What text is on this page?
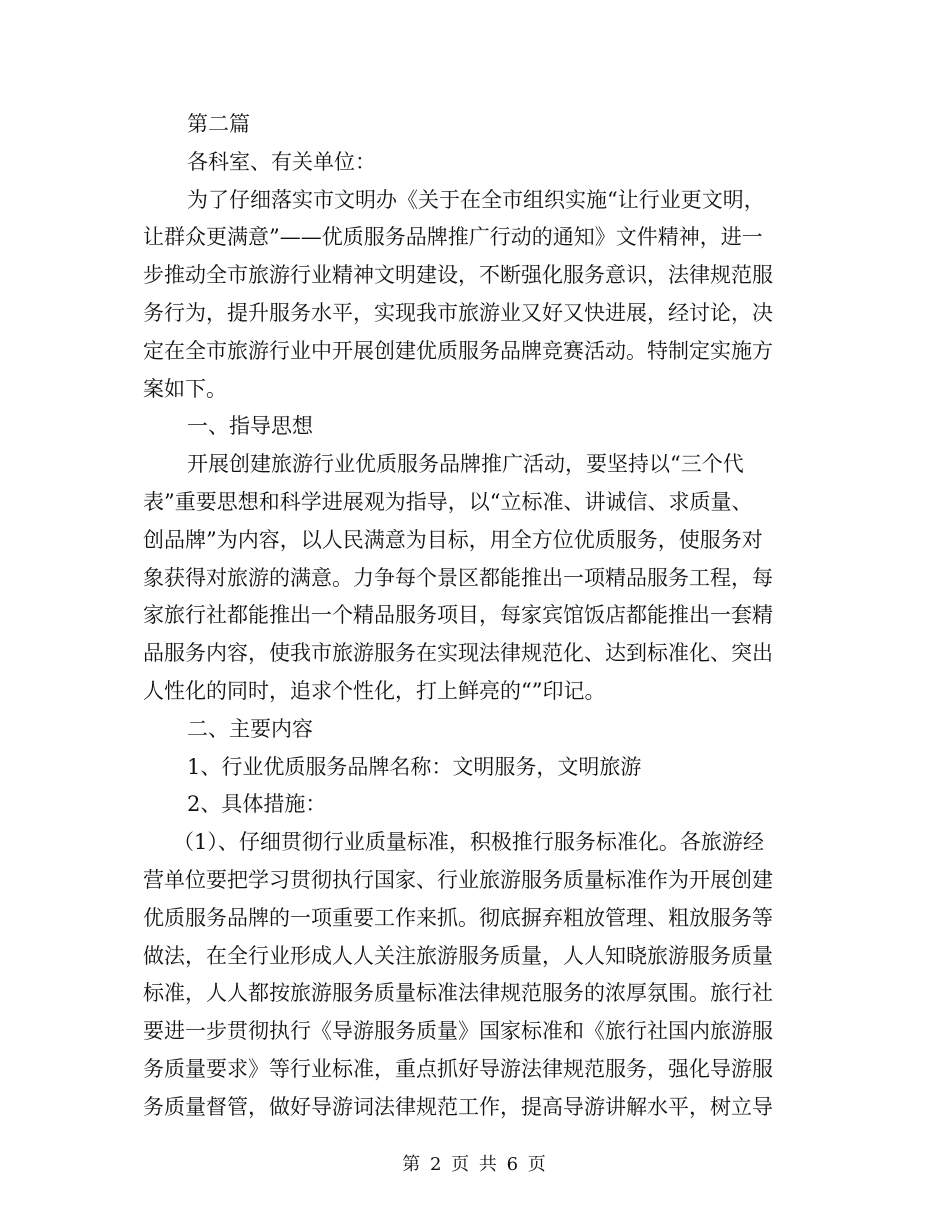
第二篇
各科室、有关单位：
为了仔细落实市文明办《关于在全市组织实施“让行业更文明，
让群众更满意”——优质服务品牌推广行动的通知》文件精神，进一
步推动全市旅游行业精神文明建设，不断强化服务意识，法律规范服
务行为，提升服务水平，实现我市旅游业又好又快进展，经讨论，决
定在全市旅游行业中开展创建优质服务品牌竞赛活动。特制定实施方
案如下。
一、指导思想
开展创建旅游行业优质服务品牌推广活动，要坚持以“三个代
表”重要思想和科学进展观为指导，以“立标准、讲诚信、求质量、
创品牌”为内容，以人民满意为目标，用全方位优质服务，使服务对
象获得对旅游的满意。力争每个景区都能推出一项精品服务工程，每
家旅行社都能推出一个精品服务项目，每家宾馆饭店都能推出一套精
品服务内容，使我市旅游服务在实现法律规范化、达到标准化、突出
人性化的同时，追求个性化，打上鲜亮的“”印记。
二、主要内容
1、行业优质服务品牌名称：文明服务，文明旅游
2、具体措施：
（1）、仔细贯彻行业质量标准，积极推行服务标准化。各旅游经
营单位要把学习贯彻执行国家、行业旅游服务质量标准作为开展创建
优质服务品牌的一项重要工作来抓。彻底摒弃粗放管理、粗放服务等
做法，在全行业形成人人关注旅游服务质量，人人知晓旅游服务质量
标准，人人都按旅游服务质量标准法律规范服务的浓厚氛围。旅行社
要进一步贯彻执行《导游服务质量》国家标准和《旅行社国内旅游服
务质量要求》等行业标准，重点抓好导游法律规范服务，强化导游服
务质量督管，做好导游词法律规范工作，提高导游讲解水平，树立导
第 2 页 共 6 页
